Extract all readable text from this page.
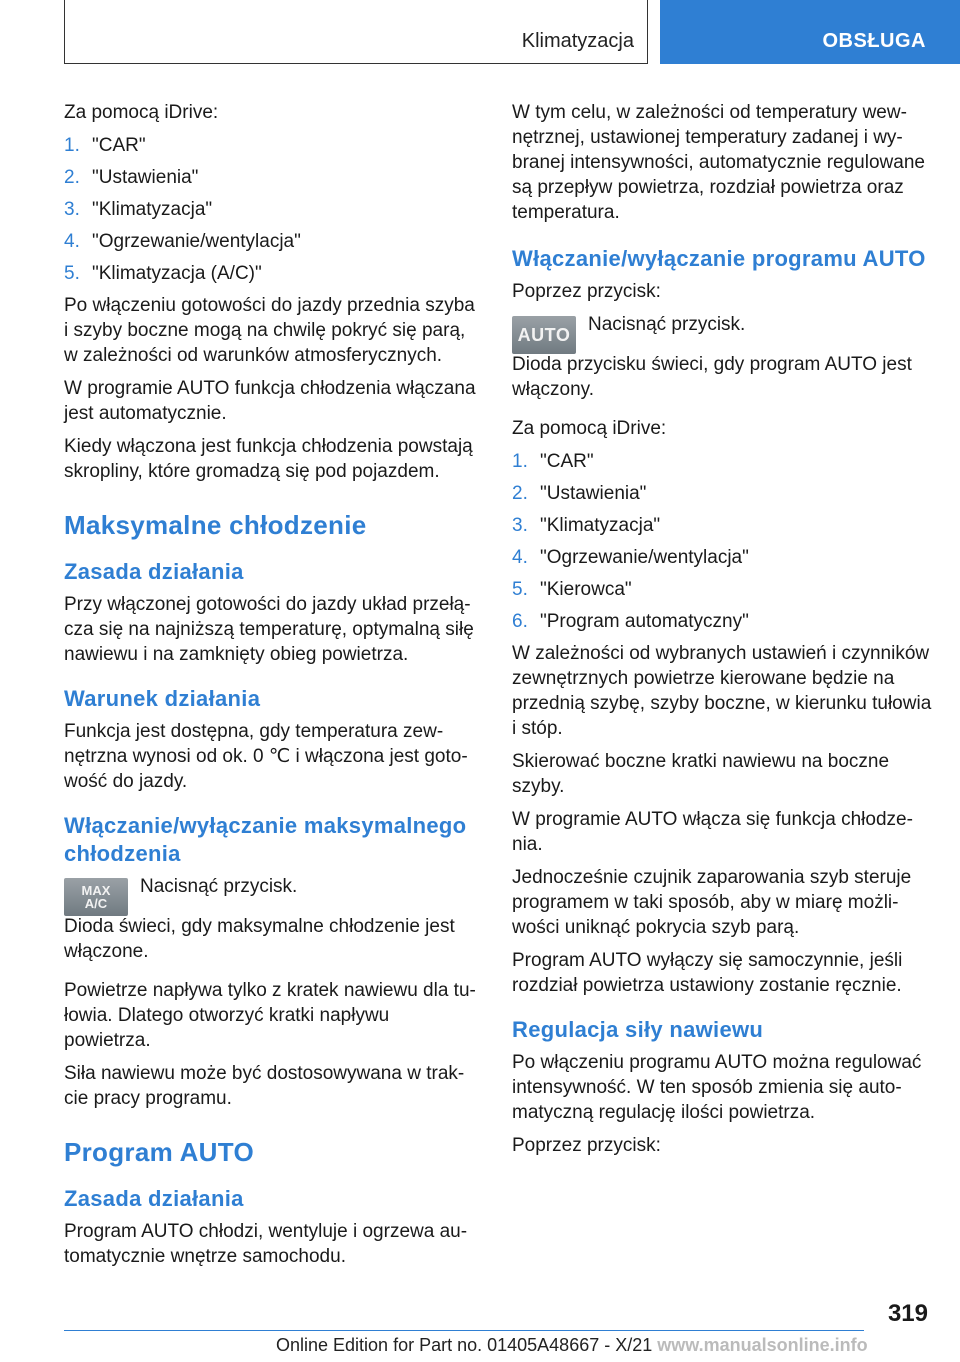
Klimatyzacja	OBSŁUGA

Za pomocą iDrive:

1. "CAR"
2. "Ustawienia"
3. "Klimatyzacja"
4. "Ogrzewanie/wentylacja"
5. "Klimatyzacja (A/C)"

Po włączeniu gotowości do jazdy przednia szyba i szyby boczne mogą na chwilę pokryć się parą, w zależności od warunków atmosferycznych.

W programie AUTO funkcja chłodzenia włączana jest automatycznie.

Kiedy włączona jest funkcja chłodzenia powstają skropliny, które gromadzą się pod pojazdem.

Maksymalne chłodzenie
Zasada działania

Przy włączonej gotowości do jazdy układ przełącza się na najniższą temperaturę, optymalną siłę nawiewu i na zamknięty obieg powietrza.

Warunek działania

Funkcja jest dostępna, gdy temperatura zewnętrzna wynosi od ok. 0 ℃ i włączona jest gotowość do jazdy.

Włączanie/wyłączanie maksymalnego chłodzenia
MAX
A/C

Nacisnąć przycisk.

Dioda świeci, gdy maksymalne chłodzenie jest włączone.

Powietrze napływa tylko z kratek nawiewu dla tułowia. Dlatego otworzyć kratki napływu powietrza.

Siła nawiewu może być dostosowywana w trakcie pracy programu.

Program AUTO
Zasada działania

Program AUTO chłodzi, wentyluje i ogrzewa automatycznie wnętrze samochodu.

W tym celu, w zależności od temperatury wewnętrznej, ustawionej temperatury zadanej i wybranej intensywności, automatycznie regulowane są przepływ powietrza, rozdział powietrza oraz temperatura.

Włączanie/wyłączanie programu AUTO

Poprzez przycisk:

AUTO Nacisnąć przycisk.

Dioda przycisku świeci, gdy program AUTO jest włączony.

Za pomocą iDrive:

1. "CAR"
2. "Ustawienia"
3. "Klimatyzacja"
4. "Ogrzewanie/wentylacja"
5. "Kierowca"
6. "Program automatyczny"

W zależności od wybranych ustawień i czynników zewnętrznych powietrze kierowane będzie na przednią szybę, szyby boczne, w kierunku tułowia i stóp.

Skierować boczne kratki nawiewu na boczne szyby.

W programie AUTO włącza się funkcja chłodzenia.

Jednocześnie czujnik zaparowania szyb steruje programem w taki sposób, aby w miarę możliwości uniknąć pokrycia szyb parą.

Program AUTO wyłączy się samoczynnie, jeśli rozdział powietrza ustawiony zostanie ręcznie.

Regulacja siły nawiewu

Po włączeniu programu AUTO można regulować intensywność. W ten sposób zmienia się automatyczną regulację ilości powietrza.

Poprzez przycisk:

319
Online Edition for Part no. 01405A48667 - X/21 www.manualsonline.info
